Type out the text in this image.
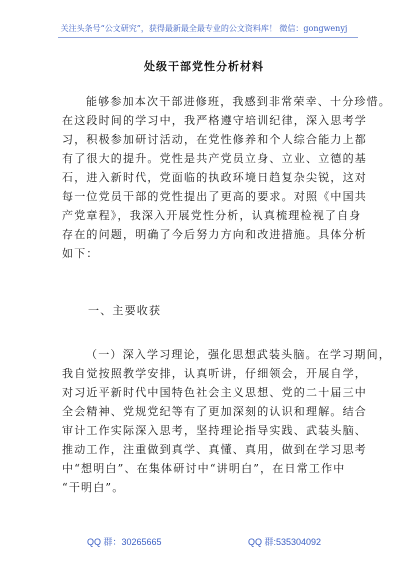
关注头条号“公文研究”，获得最新最全最专业的公文资料库！ 微信：gongwenyj
处级干部党性分析材料
能够参加本次干部进修班，我感到非常荣幸、十分珍惜。
在这段时间的学习中，我严格遵守培训纪律，深入思考学
习，积极参加研讨活动，在党性修养和个人综合能力上都
有了很大的提升。党性是共产党员立身、立业、立德的基
石，进入新时代，党面临的执政环境日趋复杂尖锐，这对
每一位党员干部的党性提出了更高的要求。对照《中国共
产党章程》，我深入开展党性分析，认真梳理检视了自身
存在的问题，明确了今后努力方向和改进措施。具体分析
如下：
一、主要收获
（一）深入学习理论，强化思想武装头脑。在学习期间，
我自觉按照教学安排，认真听讲，仔细领会，开展自学，
对习近平新时代中国特色社会主义思想、党的二十届三中
全会精神、党规党纪等有了更加深刻的认识和理解。结合
审计工作实际深入思考，坚持理论指导实践、武装头脑、
推动工作，注重做到真学、真懂、真用，做到在学习思考
中“想明白”、在集体研讨中“讲明白”，在日常工作中
“干明白”。
QQ 群：30265665	QQ 群:535304092
